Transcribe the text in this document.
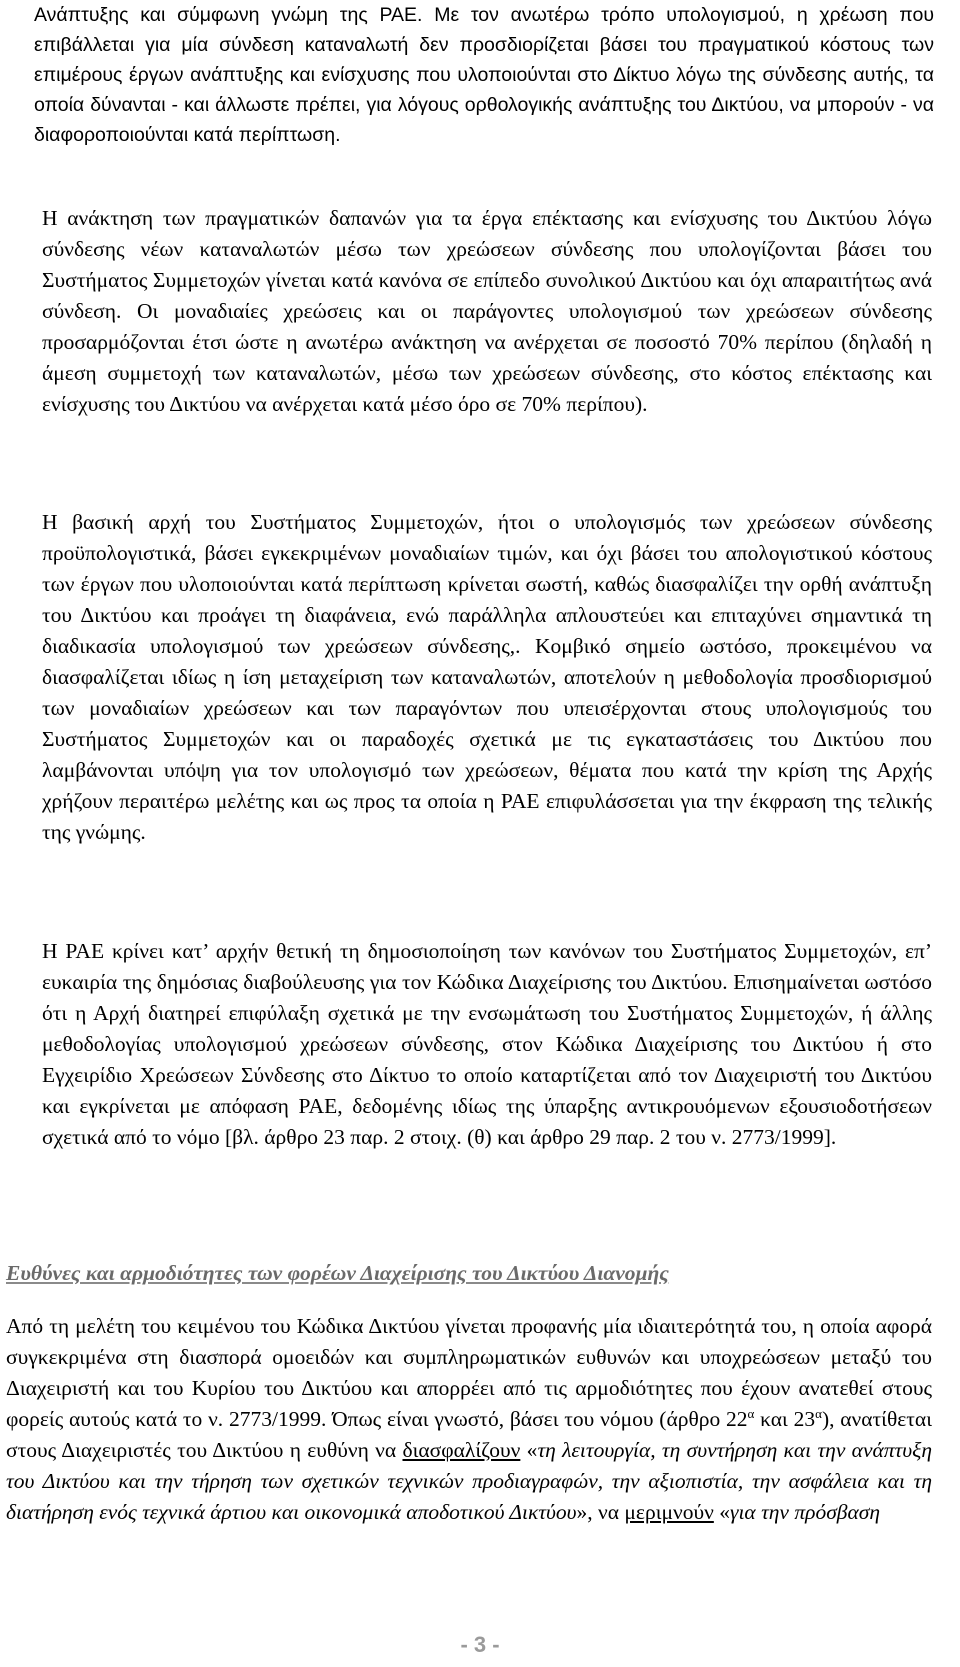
Ανάπτυξης και σύμφωνη γνώμη της ΡΑΕ. Με τον ανωτέρω τρόπο υπολογισμού, η χρέωση που επιβάλλεται για μία σύνδεση καταναλωτή δεν προσδιορίζεται βάσει του πραγματικού κόστους των επιμέρους έργων ανάπτυξης και ενίσχυσης που υλοποιούνται στο Δίκτυο λόγω της σύνδεσης αυτής, τα οποία δύνανται - και άλλωστε πρέπει, για λόγους ορθολογικής ανάπτυξης του Δικτύου, να μπορούν - να διαφοροποιούνται κατά περίπτωση.

Η ανάκτηση των πραγματικών δαπανών για τα έργα επέκτασης και ενίσχυσης του Δικτύου λόγω σύνδεσης νέων καταναλωτών μέσω των χρεώσεων σύνδεσης που υπολογίζονται βάσει του Συστήματος Συμμετοχών γίνεται κατά κανόνα σε επίπεδο συνολικού Δικτύου και όχι απαραιτήτως ανά σύνδεση. Οι μοναδιαίες χρεώσεις και οι παράγοντες υπολογισμού των χρεώσεων σύνδεσης προσαρμόζονται έτσι ώστε η ανωτέρω ανάκτηση να ανέρχεται σε ποσοστό 70% περίπου (δηλαδή η άμεση συμμετοχή των καταναλωτών, μέσω των χρεώσεων σύνδεσης, στο κόστος επέκτασης και ενίσχυσης του Δικτύου να ανέρχεται κατά μέσο όρο σε 70% περίπου).

Η βασική αρχή του Συστήματος Συμμετοχών, ήτοι ο υπολογισμός των χρεώσεων σύνδεσης προϋπολογιστικά, βάσει εγκεκριμένων μοναδιαίων τιμών, και όχι βάσει του απολογιστικού κόστους των έργων που υλοποιούνται κατά περίπτωση κρίνεται σωστή, καθώς διασφαλίζει την ορθή ανάπτυξη του Δικτύου και προάγει τη διαφάνεια, ενώ παράλληλα απλουστεύει και επιταχύνει σημαντικά τη διαδικασία υπολογισμού των χρεώσεων σύνδεσης,. Κομβικό σημείο ωστόσο, προκειμένου να διασφαλίζεται ιδίως η ίση μεταχείριση των καταναλωτών, αποτελούν η μεθοδολογία προσδιορισμού των μοναδιαίων χρεώσεων και των παραγόντων που υπεισέρχονται στους υπολογισμούς του Συστήματος Συμμετοχών και οι παραδοχές σχετικά με τις εγκαταστάσεις του Δικτύου που λαμβάνονται υπόψη για τον υπολογισμό των χρεώσεων, θέματα που κατά την κρίση της Αρχής χρήζουν περαιτέρω μελέτης και ως προς τα οποία η ΡΑΕ επιφυλάσσεται για την έκφραση της τελικής της γνώμης.

Η ΡΑΕ κρίνει κατ’ αρχήν θετική τη δημοσιοποίηση των κανόνων του Συστήματος Συμμετοχών, επ’ ευκαιρία της δημόσιας διαβούλευσης για τον Κώδικα Διαχείρισης του Δικτύου. Επισημαίνεται ωστόσο ότι η Αρχή διατηρεί επιφύλαξη σχετικά με την ενσωμάτωση του Συστήματος Συμμετοχών, ή άλλης μεθοδολογίας υπολογισμού χρεώσεων σύνδεσης, στον Κώδικα Διαχείρισης του Δικτύου ή στο Εγχειρίδιο Χρεώσεων Σύνδεσης στο Δίκτυο το οποίο καταρτίζεται από τον Διαχειριστή του Δικτύου και εγκρίνεται με απόφαση ΡΑΕ, δεδομένης ιδίως της ύπαρξης αντικρουόμενων εξουσιοδοτήσεων σχετικά από το νόμο [βλ. άρθρο 23 παρ. 2 στοιχ. (θ) και άρθρο 29 παρ. 2 του ν. 2773/1999].

Ευθύνες και αρμοδιότητες των φορέων Διαχείρισης του Δικτύου Διανομής

Από τη μελέτη του κειμένου του Κώδικα Δικτύου γίνεται προφανής μία ιδιαιτερότητά του, η οποία αφορά συγκεκριμένα στη διασπορά ομοειδών και συμπληρωματικών ευθυνών και υποχρεώσεων μεταξύ του Διαχειριστή και του Κυρίου του Δικτύου και απορρέει από τις αρμοδιότητες που έχουν ανατεθεί στους φορείς αυτούς κατά το ν. 2773/1999. Όπως είναι γνωστό, βάσει του νόμου (άρθρο $22^\alpha$ και $23^\alpha$), ανατίθεται στους Διαχειριστές του Δικτύου η ευθύνη να διασφαλίζουν «τη λειτουργία, τη συντήρηση και την ανάπτυξη του Δικτύου και την τήρηση των σχετικών τεχνικών προδιαγραφών, την αξιοπιστία, την ασφάλεια και τη διατήρηση ενός τεχνικά άρτιου και οικονομικά αποδοτικού Δικτύου», να μεριμνούν «για την πρόσβαση

- 3 -
